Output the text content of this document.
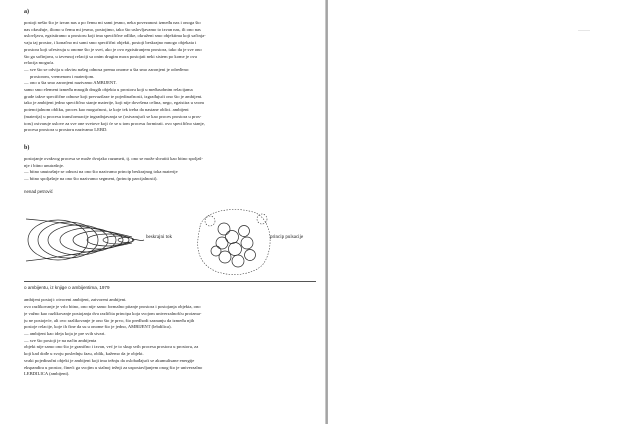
a)
postoji nešto što je izvan nas a po čemu mi sami jesmo, neka povezanost između nas i onoga što
nas okružuje, iliono u čemu mi jesmo, postojimo, tako što uslovljavamo to izvan nas, ili ono nas
uslovljava, egzistiramo u prostoru koji ima specifične odlike, okruženi smo objektima koji sačinja-
vaju taj prostor, i konačno mi sami smo specifični objekti, postoji beskrajno mnogo objekata i
prostora koji učestvuju u onome što je svet, ako je ovo egzistiranjem prostora, tako da je sve ono
što ga sačinjava, u izvesnoj relaciji sa onim drugim mora postojati neki sistem po kome je ova
relacija moguća.
— sve što se odvija u okviru našeg odnosa prema onome u šta smo zaronjeni je određeno:
prostorom, vremenom i materijom.
— ono u šta smo zaronjeni nazivamo AMBIJENT.
samo smo element između mnogih drugih objekta u prostoru koji u međusobnim relacijama
grade takve specifične odnose koji prevazilaze te pojedinačnosti, izgrađujući ono što je ambijent.
tako je ambijent jedno specifično stanje materije, koji nije dovršena celina, nego, egzistira u svom
potencijalnom obliku, proces kao mogućnost, iz koje tek treba da nastane oblici. ambijent
(materija) u procesu transformacije ingradnjavanja se (ostvarujući se kao proces prostora u pros-
toru) ostvaruje uslove za sve one svetove koji će se u tom procesu formirati. ovo specifično stanje,
procesa prostora u prostoru nazivamo LEBD.
b)
postojanje ovakvog procesa se može dvojako razumeti, tj. ono se može shvatiti kao bitno spoljaš-
nje i bitno unutrašnje.
— bitno unutrašnje se odnosi na ono što nazivamo princip beskrajnog toka materije
— bitno spoljašnje na ono što nazivamo segment, (princip parcijalnosti).
nenad petrović
beskrajni tok	princip pulsacije
o ambijentu, iz knjige o ambijentima, 1979
ambijent postoji: otvoreni ambijent, zatvoreni ambijent.
ovo razlikovanje je vrlo bitno, ono nije samo formalno pitanje prostora i postojanja objekta, ono
je važno kao razlikovanje postojanja dva različita principa koja svojom univerzalnošću proizma-
ju ne postojeće, ali ovo razlikovanje je ono što je prvo, što predhodi saznanju da između njih
postoje relacije, koje ih čine da su u onome što je jedno, AMBIJENT (lebdilica).
— ambijent kao ideja koja je pre svih stvari.
— sve što postoji je na način ambijenta
objekt nije samo ono što je granično i izvan, već je to skup svih procesa prostora u prostoru, za
koji kad dođe u svoju poslednju fazu, oblik, kažemo da je objekt.
svaki pojedinačni objekt je ambijent koji ima težnju da oslobađajući se akumulisane energije
ekspandira u prostor, čineći ga svojim u stalnoj težnji za uspostavljanjem onog što je univerzalno
LEBDILICA (ambijent).
